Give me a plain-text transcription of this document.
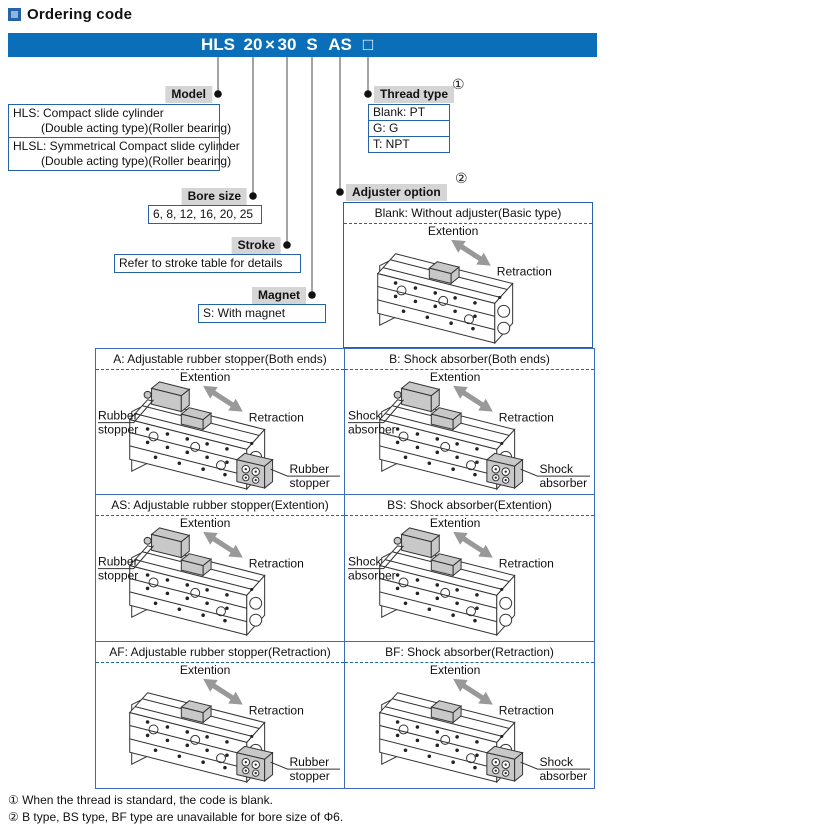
Ordering code
HLS 20 × 30 S AS □
Model
Bore size
Stroke
Magnet
Thread type
Adjuster option
①
②
HLS: Compact slide cylinder
(Double acting type)(Roller bearing)
HLSL: Symmetrical Compact slide cylinder
(Double acting type)(Roller bearing)
Blank: PT
G: G
T: NPT
6, 8, 12, 16, 20, 25
Refer to stroke table for details
S: With magnet
Blank: Without adjuster(Basic type)
Extention
Retraction
A: Adjustable rubber stopper(Both ends)
Extention
Retraction
Rubber
stopper
Rubber
stopper
B: Shock absorber(Both ends)
Extention
Retraction
Shock
absorber
Shock
absorber
AS: Adjustable rubber stopper(Extention)
Extention
Retraction
Rubber
stopper
BS: Shock absorber(Extention)
Extention
Retraction
Shock
absorber
AF: Adjustable rubber stopper(Retraction)
Extention
Retraction
Rubber
stopper
BF: Shock absorber(Retraction)
Extention
Retraction
Shock
absorber
① When the thread is standard, the code is blank.
② B type, BS type, BF type are unavailable for bore size of Φ6.
